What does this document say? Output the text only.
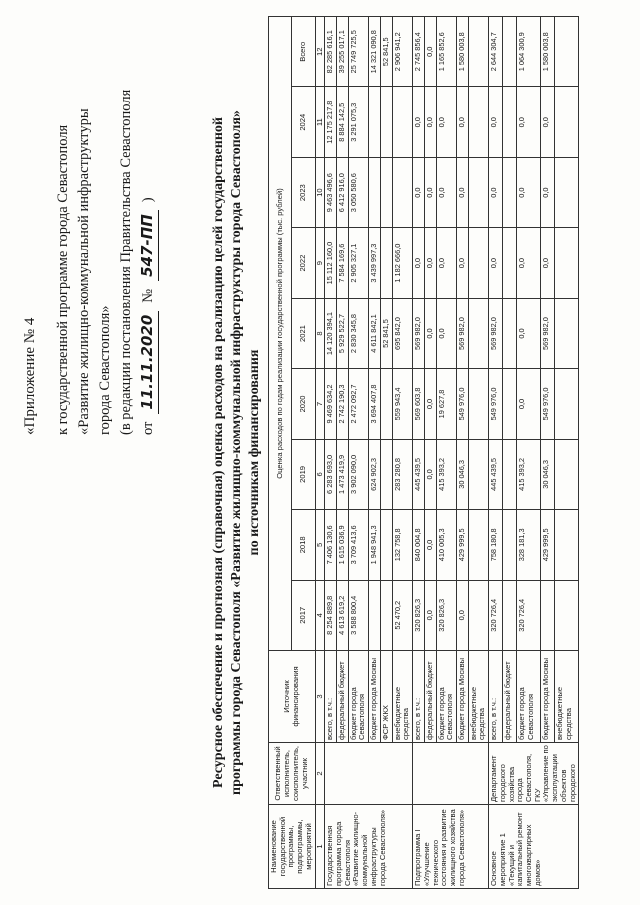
«Приложение № 4 к государственной программе города Севастополя «Развитие жилищно-коммунальной инфраструктуры города Севастополя» (в редакции постановления Правительства Севастополя от
11.11.2020
№
547-ПП
)	Ресурсное обеспечение и прогнозная (справочная) оценка расходов на реализацию целей государственной программы города Севастополя «Развитие жилищно-коммунальной инфраструктуры города Севастополя» по источникам финансирования

Наименование государственной программы, подпрограммы, мероприятий	Ответственный исполнитель, соисполнитель, участник	Источник финансирования	Оценка расходов по годам реализации государственной программы (тыс. рублей)								
			2017	2018	2019	2020	2021	2022	2023	2024	Всего
1	2	3	4	5	6	7	8	9	10	11	12
Государственная программа города Севастополя «Развитие жилищно-коммунальной инфраструктуры города Севастополя»		всего, в т.ч.:	8 254 889,8	7 406 130,6	6 283 693,0	9 469 634,2	14 120 394,1	15 112 160,0	9 463 496,6	12 175 217,8	82 285 616,1
		федеральный бюджет	4 613 619,2	1 615 036,9	1 473 419,9	2 742 190,3	5 929 522,7	7 584 169,6	6 412 916,0	8 884 142,5	39 255 017,1
		бюджет города Севастополя	3 588 800,4	3 709 413,6	3 902 090,0	2 472 092,7	2 830 345,8	2 905 327,1	3 050 580,6	3 291 075,3	25 749 725,5
		бюджет города Москвы		1 948 941,3	624 902,3	3 694 407,8	4 611 842,1	3 439 997,3			14 321 090,8
		ФСР ЖКХ					52 841,5				52 841,5
		внебюджетные средства	52 470,2	132 758,8	283 280,8	559 943,4	695 842,0	1 182 666,0			2 906 941,2
Подпрограмма I «Улучшение технического состояния и развитие жилищного хозяйства города Севастополя»		всего, в т.ч.:	320 826,3	840 004,8	445 439,5	569 603,8	569 982,0	0,0	0,0	0,0	2 745 856,4
		федеральный бюджет	0,0	0,0	0,0	0,0	0,0	0,0	0,0	0,0	0,0
		бюджет города Севастополя	320 826,3	410 005,3	415 393,2	19 627,8	0,0	0,0	0,0	0,0	1 165 852,6
		бюджет города Москвы	0,0	429 999,5	30 046,3	549 976,0	569 982,0	0,0	0,0	0,0	1 580 003,8
		внебюджетные средства									
Основное мероприятие 1 «Текущий и капитальный ремонт многоквартирных домов»	Департамент городского хозяйства города Севастополя, ГКУ «Управление по эксплуатации объектов городского	всего, в т.ч.:	320 726,4	758 180,8	445 439,5	549 976,0	569 982,0	0,0	0,0	0,0	2 644 304,7
		федеральный бюджет									
		бюджет города Севастополя	320 726,4	328 181,3	415 393,2	0,0	0,0	0,0	0,0	0,0	1 064 300,9
		бюджет города Москвы		429 999,5	30 046,3	549 976,0	569 982,0	0,0	0,0	0,0	1 580 003,8
		внебюджетные средства									
